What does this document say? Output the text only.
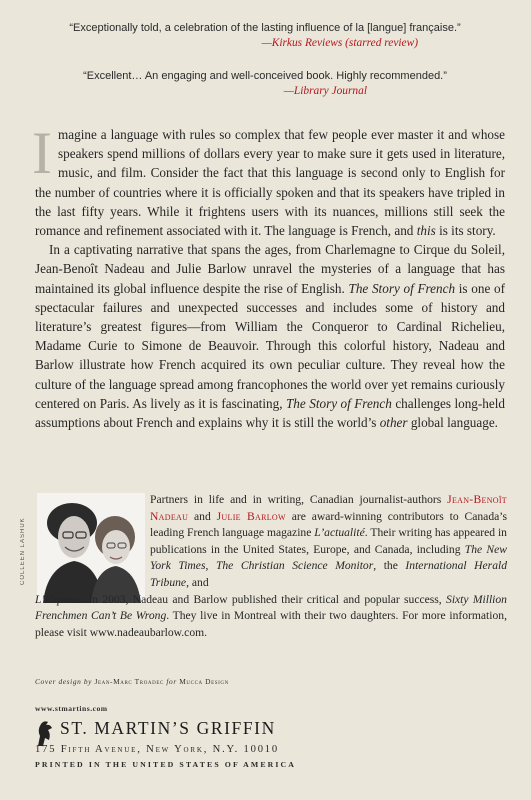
“Exceptionally told, a celebration of the lasting influence of la [langue] française.”
—Kirkus Reviews (starred review)
“Excellent… An engaging and well-conceived book. Highly recommended.”
—Library Journal

Imagine a language with rules so complex that few people ever master it and whose speakers spend millions of dollars every year to make sure it gets used in literature, music, and film. Consider the fact that this language is second only to English for the number of countries where it is officially spoken and that its speakers have tripled in the last fifty years. While it frightens users with its nuances, millions still seek the romance and refinement associated with it. The language is French, and this is its story.

In a captivating narrative that spans the ages, from Charlemagne to Cirque du Soleil, Jean-Benoît Nadeau and Julie Barlow unravel the mysteries of a language that has maintained its global influence despite the rise of English. The Story of French is one of spectacular failures and unexpected successes and includes some of history and literature’s greatest figures—from William the Conqueror to Cardinal Richelieu, Madame Curie to Simone de Beauvoir. Through this colorful history, Nadeau and Barlow illustrate how French acquired its own peculiar culture. They reveal how the culture of the language spread among francophones the world over yet remains curiously centered on Paris. As lively as it is fascinating, The Story of French challenges long-held assumptions about French and explains why it is still the world’s other global language.

COLLEEN LASHUK
Partners in life and in writing, Canadian journalist-authors Jean-Benoît Nadeau and Julie Barlow are award-winning contributors to Canada’s leading French language magazine L’actualité. Their writing has appeared in publications in the United States, Europe, and Canada, including The New York Times, The Christian Science Monitor, the International Herald Tribune, and
L’Express. In 2003, Nadeau and Barlow published their critical and popular success, Sixty Million Frenchmen Can’t Be Wrong. They live in Montreal with their two daughters. For more information, please visit www.nadeaubarlow.com.
Cover design by Jean-Marc Troadec for Mucca Design
www.stmartins.com
ST. MARTIN’S GRIFFIN
175 Fifth Avenue, New York, N.Y. 10010
PRINTED IN THE UNITED STATES OF AMERICA
